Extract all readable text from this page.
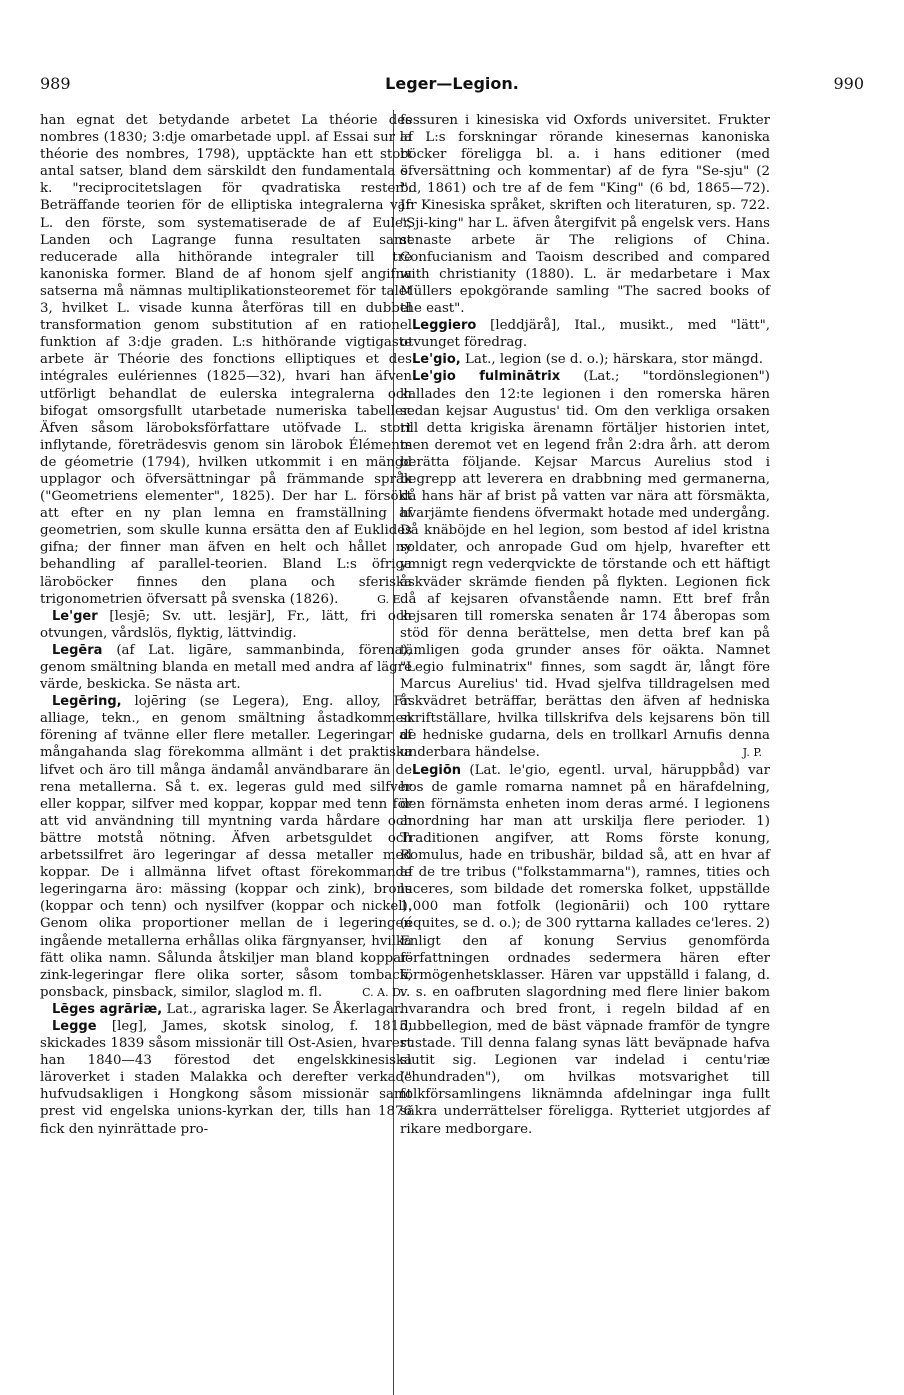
989	Leger—Legion.	990

han egnat det betydande arbetet La théorie des nombres (1830; 3:dje omarbetade uppl. af Essai sur la théorie des nombres, 1798), upptäckte han ett stort antal satser, bland dem särskildt den fundamentala s. k. "reciprocitetslagen för qvadratiska rester". Beträffande teorien för de elliptiska integralerna var L. den förste, som systematiserade de af Euler, Landen och Lagrange funna resultaten samt reducerade alla hithörande integraler till tre kanoniska former. Bland de af honom sjelf angifna satserna må nämnas multiplikationsteoremet för talet 3, hvilket L. visade kunna återföras till en dubbel transformation genom substitution af en rationel funktion af 3:dje graden. L:s hithörande vigtigaste arbete är Théorie des fonctions elliptiques et des intégrales eulériennes (1825—32), hvari han äfven utförligt behandlat de eulerska integralerna och bifogat omsorgsfullt utarbetade numeriska tabeller. Äfven såsom läroboksförfattare utöfvade L. stort inflytande, företrädesvis genom sin lärobok Éléments de géometrie (1794), hvilken utkommit i en mängd upplagor och öfversättningar på främmande språk ("Geometriens elementer", 1825). Der har L. försökt att efter en ny plan lemna en framställning af geometrien, som skulle kunna ersätta den af Euklides gifna; der finner man äfven en helt och hållet ny behandling af parallel-teorien. Bland L:s öfriga läroböcker finnes den plana och sferiska trigonometrien öfversatt på svenska (1826).	G. E.

Le'ger [lesjē; Sv. utt. lesjär], Fr., lätt, fri och otvungen, vårdslös, flyktig, lättvindig.

Legēra (af Lat. ligāre, sammanbinda, förena), genom smältning blanda en metall med andra af lägre värde, beskicka. Se nästa art.

Legēring, lojēring (se Legera), Eng. alloy, Fr. alliage, tekn., en genom smältning åstadkommen förening af tvänne eller flere metaller. Legeringar af mångahanda slag förekomma allmänt i det praktiska lifvet och äro till många ändamål användbarare än de rena metallerna. Så t. ex. legeras guld med silfver eller koppar, silfver med koppar, koppar med tenn för att vid användning till myntning varda hårdare och bättre motstå nötning. Äfven arbetsguldet och arbetssilfret äro legeringar af dessa metaller med koppar. De i allmänna lifvet oftast förekommande legeringarna äro: mässing (koppar och zink), brons (koppar och tenn) och nysilfver (koppar och nickel). Genom olika proportioner mellan de i legeringen ingående metallerna erhållas olika färgnyanser, hvilka fätt olika namn. Sålunda åtskiljer man bland koppar-zink-legeringar flere olika sorter, såsom tomback, ponsback, pinsback, similor, slaglod m. fl.	C. A. D.

Lēges agrāriæ, Lat., agrariska lager. Se Åkerlagar.

Legge [leg], James, skotsk sinolog, f. 1815, skickades 1839 såsom missionär till Ost-Asien, hvarest han 1840—43 förestod det engelskkinesiska läroverket i staden Malakka och derefter verkade hufvudsakligen i Hongkong såsom missionär samt prest vid engelska unions-kyrkan der, tills han 1876 fick den nyinrättade pro-

fessuren i kinesiska vid Oxfords universitet. Frukter af L:s forskningar rörande kinesernas kanoniska böcker föreligga bl. a. i hans editioner (med öfversättning och kommentar) af de fyra "Se-sju" (2 bd, 1861) och tre af de fem "King" (6 bd, 1865—72). Jfr Kinesiska språket, skriften och literaturen, sp. 722. "Sji-king" har L. äfven återgifvit på engelsk vers. Hans senaste arbete är The religions of China. Confucianism and Taoism described and compared with christianity (1880). L. är medarbetare i Max Müllers epokgörande samling "The sacred books of the east".

Leggiero [leddjärå], Ital., musikt., med "lätt", otvunget föredrag.

Le'gio, Lat., legion (se d. o.); härskara, stor mängd.

Le'gio fulminātrix (Lat.; "tordönslegionen") kallades den 12:te legionen i den romerska hären sedan kejsar Augustus' tid. Om den verkliga orsaken till detta krigiska ärenamn förtäljer historien intet, men deremot vet en legend från 2:dra årh. att derom berätta följande. Kejsar Marcus Aurelius stod i begrepp att leverera en drabbning med germanerna, då hans här af brist på vatten var nära att försmäkta, hvarjämte fiendens öfvermakt hotade med undergång. Då knäböjde en hel legion, som bestod af idel kristna soldater, och anropade Gud om hjelp, hvarefter ett ymnigt regn vederqvickte de törstande och ett häftigt åskväder skrämde fienden på flykten. Legionen fick då af kejsaren ofvanstående namn. Ett bref från kejsaren till romerska senaten år 174 åberopas som stöd för denna berättelse, men detta bref kan på tämligen goda grunder anses för oäkta. Namnet "Legio fulminatrix" finnes, som sagdt är, långt före Marcus Aurelius' tid. Hvad sjelfva tilldragelsen med åskvädret beträffar, berättas den äfven af hedniska skriftställare, hvilka tillskrifva dels kejsarens bön till de hedniske gudarna, dels en trollkarl Arnufis denna underbara händelse.	J. P.

Legiōn (Lat. le'gio, egentl. urval, häruppbåd) var hos de gamle romarna namnet på en härafdelning, den förnämsta enheten inom deras armé. I legionens anordning har man att urskilja flere perioder. 1) Traditionen angifver, att Roms förste konung, Romulus, hade en tribushär, bildad så, att en hvar af af de tre tribus ("folkstammarna"), ramnes, tities och luceres, som bildade det romerska folket, uppställde 1,000 man fotfolk (legionārii) och 100 ryttare (équites, se d. o.); de 300 ryttarna kallades ce'leres. 2) Enligt den af konung Servius genomförda författningen ordnades sedermera hären efter förmögenhetsklasser. Hären var uppställd i falang, d. v. s. en oafbruten slagordning med flere linier bakom hvarandra och bred front, i regeln bildad af en dubbellegion, med de bäst väpnade framför de tyngre rustade. Till denna falang synas lätt beväpnade hafva slutit sig. Legionen var indelad i centu'riæ ("hundraden"), om hvilkas motsvarighet till folkförsamlingens liknämnda afdelningar inga fullt säkra underrättelser föreligga. Rytteriet utgjordes af rikare medborgare.
